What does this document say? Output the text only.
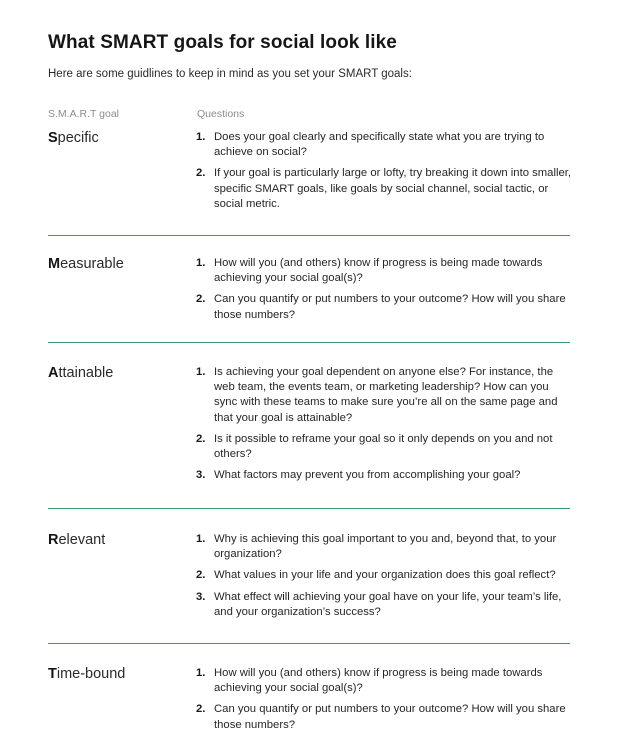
What SMART goals for social look like

Here are some guidlines to keep in mind as you set your SMART goals:

S.M.A.R.T goal	Questions
Specific	1. Does your goal clearly and specifically state what you are trying to achieve on social?
2. If your goal is particularly large or lofty, try breaking it down into smaller, specific SMART goals, like goals by social channel, social tactic, or social metric.
Measurable	1. How will you (and others) know if progress is being made towards achieving your social goal(s)?
2. Can you quantify or put numbers to your outcome? How will you share those numbers?
Attainable	1. Is achieving your goal dependent on anyone else? For instance, the web team, the events team, or marketing leadership? How can you sync with these teams to make sure you’re all on the same page and that your goal is attainable?
2. Is it possible to reframe your goal so it only depends on you and not others?
3. What factors may prevent you from accomplishing your goal?
Relevant	1. Why is achieving this goal important to you and, beyond that, to your organization?
2. What values in your life and your organization does this goal reflect?
3. What effect will achieving your goal have on your life, your team’s life, and your organization’s success?
Time-bound	1. How will you (and others) know if progress is being made towards achieving your social goal(s)?
2. Can you quantify or put numbers to your outcome? How will you share those numbers?
